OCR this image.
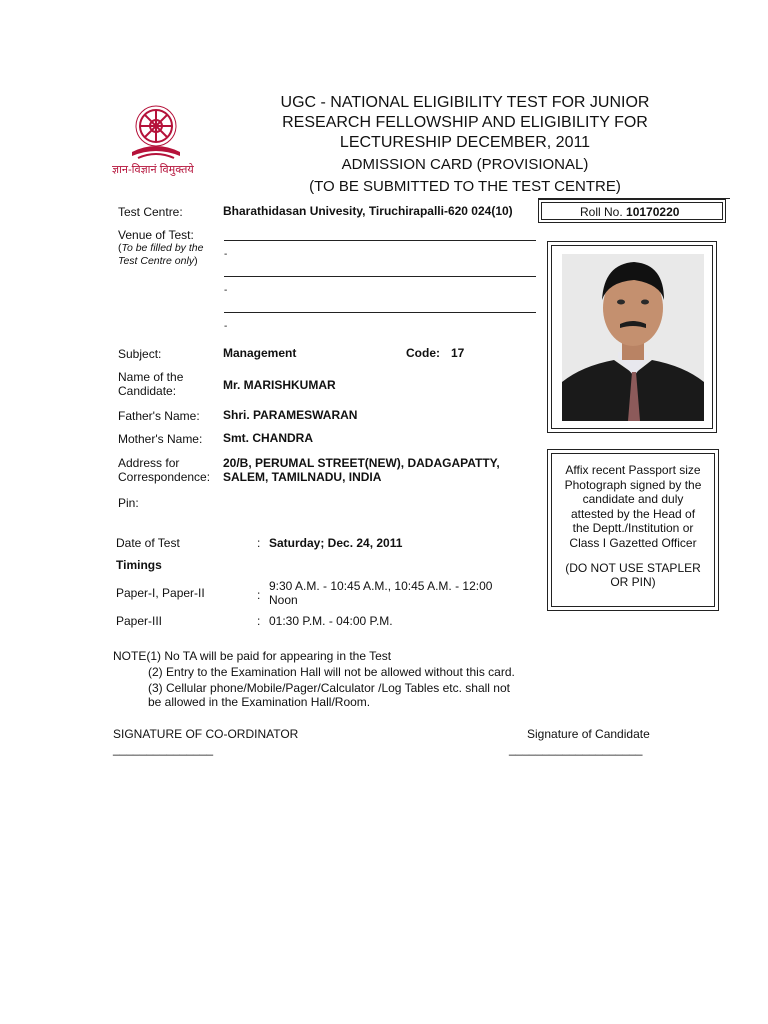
ज्ञान-विज्ञानं विमुक्तये
UGC - NATIONAL ELIGIBILITY TEST FOR JUNIOR
RESEARCH FELLOWSHIP AND ELIGIBILITY FOR
LECTURESHIP DECEMBER, 2011
ADMISSION CARD (PROVISIONAL)
(TO BE SUBMITTED TO THE TEST CENTRE)
Roll No. 10170220
Test Centre:	Bharathidasan Univesity, Tiruchirapalli-620 024(10)
Venue of Test:
(To be filled by the Test Centre only)
-
-
-
Subject:	Management	Code: 17
Name of the
Candidate:	Mr. MARISHKUMAR
Father's Name: Shri. PARAMESWARAN
Mother's Name: Smt. CHANDRA
Address for
Correspondence:
20/B, PERUMAL STREET(NEW), DADAGAPATTY,
SALEM, TAMILNADU, INDIA
Pin:
Date of Test	: Saturday; Dec. 24, 2011
Timings
Paper-I, Paper-II	:
9:30 A.M. - 10:45 A.M., 10:45 A.M. - 12:00
Noon
Paper-III	: 01:30 P.M. - 04:00 P.M.
Affix recent Passport size
Photograph signed by the
candidate and duly
attested by the Head of
the Deptt./Institution or
Class I Gazetted Officer
(DO NOT USE STAPLER
OR PIN)
NOTE(1) No TA will be paid for appearing in the Test
(2) Entry to the Examination Hall will not be allowed without this card.
(3) Cellular phone/Mobile/Pager/Calculator /Log Tables etc. shall not
be allowed in the Examination Hall/Room.
SIGNATURE OF CO-ORDINATOR
_______________
Signature of Candidate
____________________
